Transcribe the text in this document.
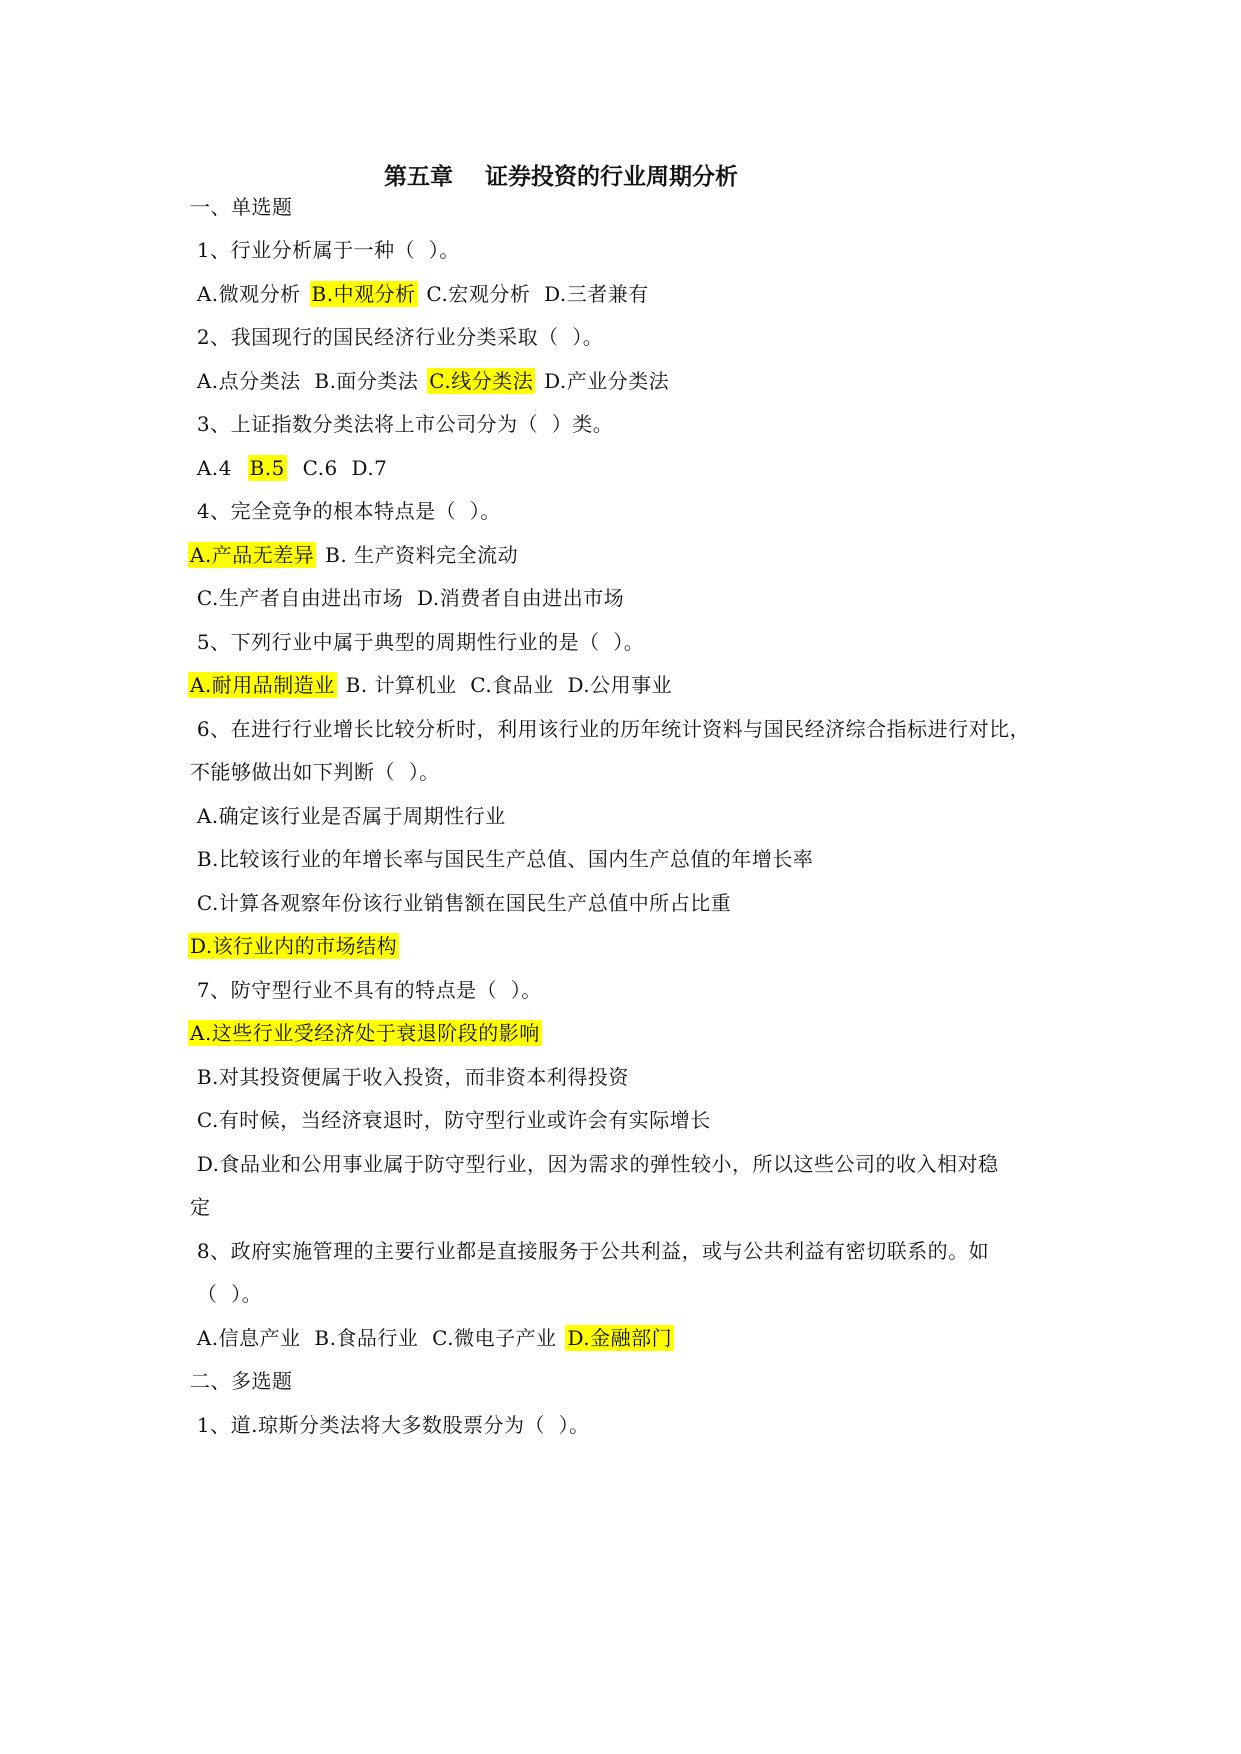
第五章    证券投资的行业周期分析
一、单选题
1、行业分析属于一种（  ）。
A.微观分析 B.中观分析 C.宏观分析  D.三者兼有
2、我国现行的国民经济行业分类采取（  ）。
A.点分类法  B.面分类法 C.线分类法 D.产业分类法
3、上证指数分类法将上市公司分为（  ）类。
A.4  B.5  C.6  D.7
4、完全竞争的根本特点是（  ）。
A.产品无差异 B. 生产资料完全流动
C.生产者自由进出市场  D.消费者自由进出市场
5、下列行业中属于典型的周期性行业的是（  ）。
A.耐用品制造业 B. 计算机业  C.食品业  D.公用事业
6、在进行行业增长比较分析时，利用该行业的历年统计资料与国民经济综合指标进行对比，
不能够做出如下判断（  ）。
A.确定该行业是否属于周期性行业
B.比较该行业的年增长率与国民生产总值、国内生产总值的年增长率
C.计算各观察年份该行业销售额在国民生产总值中所占比重
D.该行业内的市场结构
7、防守型行业不具有的特点是（  ）。
A.这些行业受经济处于衰退阶段的影响
B.对其投资便属于收入投资，而非资本利得投资
C.有时候，当经济衰退时，防守型行业或许会有实际增长
D.食品业和公用事业属于防守型行业，因为需求的弹性较小，所以这些公司的收入相对稳
定
8、政府实施管理的主要行业都是直接服务于公共利益，或与公共利益有密切联系的。如
（  ）。
A.信息产业  B.食品行业  C.微电子产业 D.金融部门
二、多选题
1、道.琼斯分类法将大多数股票分为（  ）。
